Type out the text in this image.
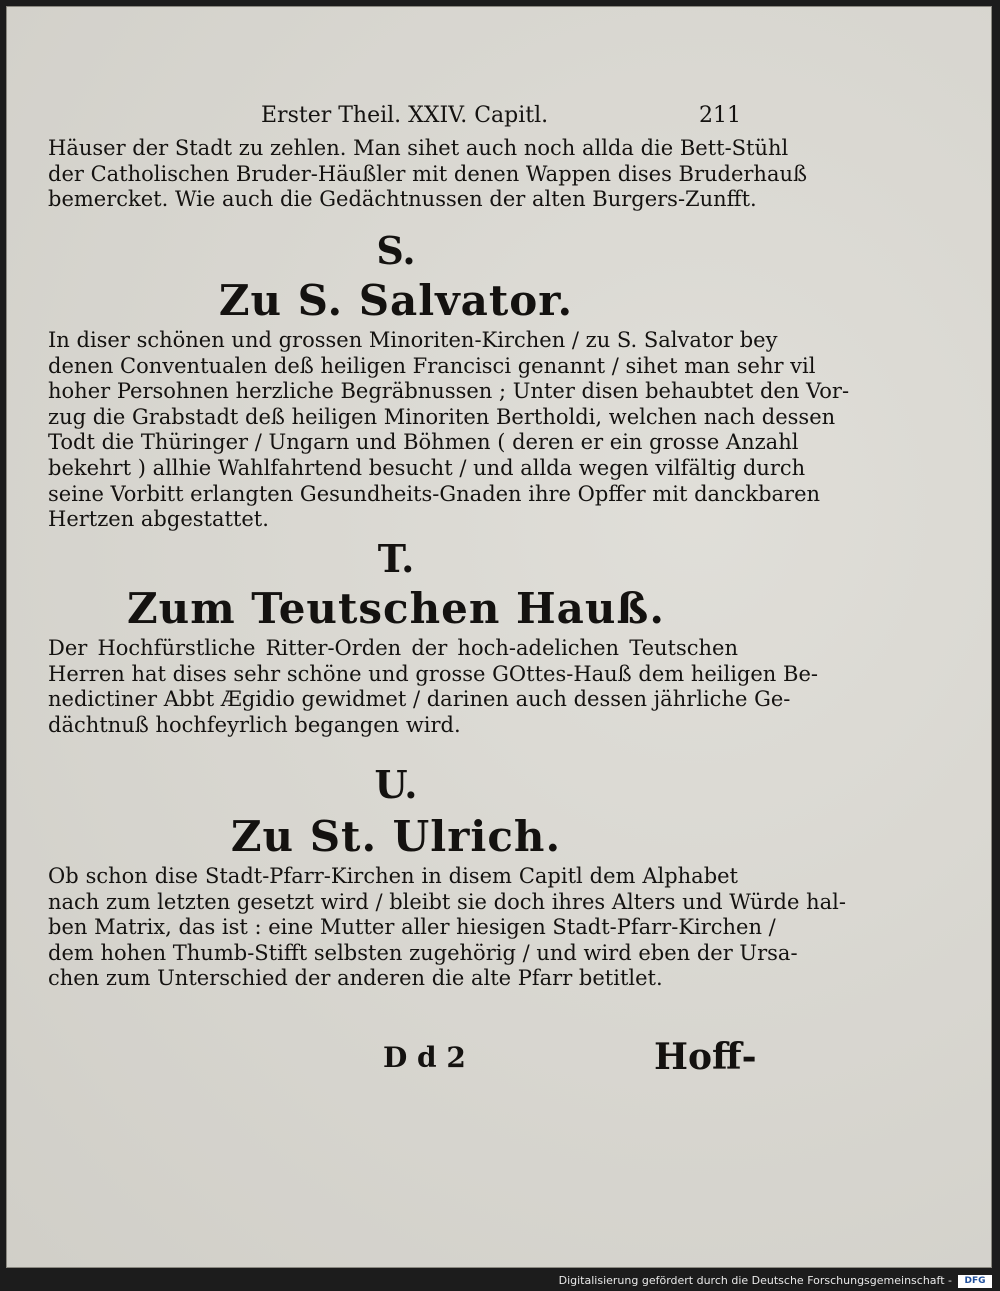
Erster Theil. XXIV. Capitl.	211
Häuser der Stadt zu zehlen. Man sihet auch noch allda die Bett-Stühl
der Catholischen Bruder-Häußler mit denen Wappen dises Bruderhauß
bemercket. Wie auch die Gedächtnussen der alten Burgers-Zunfft.
S.
Zu S. Salvator.
In diser schönen und grossen Minoriten-Kirchen / zu S. Salvator bey
denen Conventualen deß heiligen Francisci genannt / sihet man sehr vil
hoher Persohnen herzliche Begräbnussen ; Unter disen behaubtet den Vor-
zug die Grabstadt deß heiligen Minoriten Bertholdi, welchen nach dessen
Todt die Thüringer / Ungarn und Böhmen ( deren er ein grosse Anzahl
bekehrt ) allhie Wahlfahrtend besucht / und allda wegen vilfältig durch
seine Vorbitt erlangten Gesundheits-Gnaden ihre Opffer mit danckbaren
Hertzen abgestattet.
T.
Zum Teutschen Hauß.
Der Hochfürstliche Ritter-Orden der hoch-adelichen Teutschen
Herren hat dises sehr schöne und grosse GOttes-Hauß dem heiligen Be-
nedictiner Abbt Ægidio gewidmet / darinen auch dessen jährliche Ge-
dächtnuß hochfeyrlich begangen wird.
U.
Zu St. Ulrich.
Ob schon dise Stadt-Pfarr-Kirchen in disem Capitl dem Alphabet
nach zum letzten gesetzt wird / bleibt sie doch ihres Alters und Würde hal-
ben Matrix, das ist : eine Mutter aller hiesigen Stadt-Pfarr-Kirchen /
dem hohen Thumb-Stifft selbsten zugehörig / und wird eben der Ursa-
chen zum Unterschied der anderen die alte Pfarr betitlet.
D d 2	Hoff-
Digitalisierung gefördert durch die Deutsche Forschungsgemeinschaft -	DFG
